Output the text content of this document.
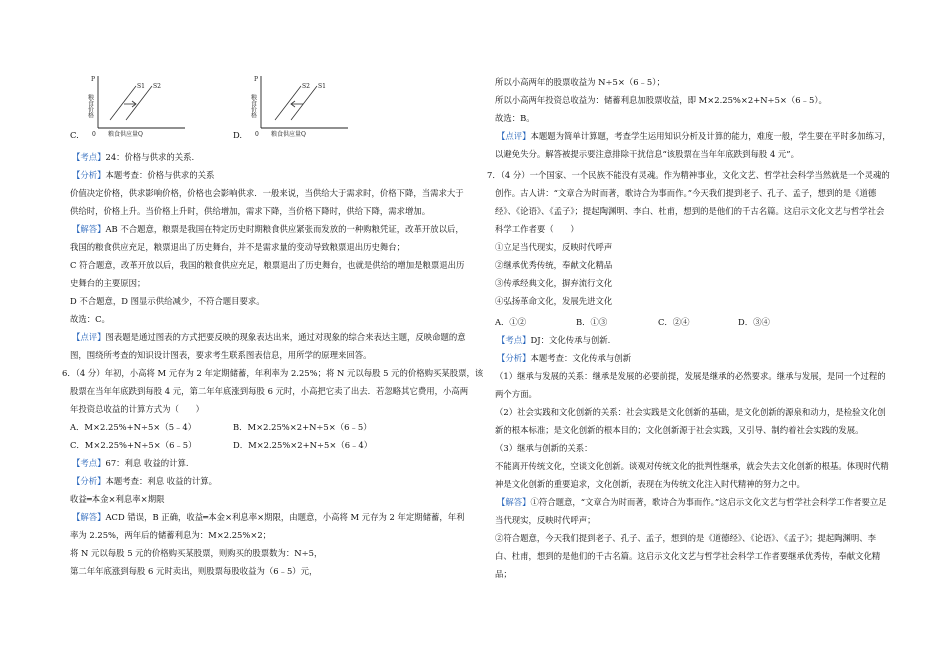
C.
P
0 粮食供应量Q
粮食价格
S1 S2
D.
P
0 粮食供应量Q
粮食价格
S2 S1
【考点】24：价格与供求的关系.
【分析】本题考查：价格与供求的关系
价值决定价格，供求影响价格，价格也会影响供求．一般来说，当供给大于需求时，价格下降，当需求大于
供给时，价格上升。当价格上升时，供给增加，需求下降，当价格下降时，供给下降，需求增加。
【解答】AB 不合题意，粮票是我国在特定历史时期粮食供应紧张而发放的一种购粮凭证，改革开放以后，
我国的粮食供应充足，粮票退出了历史舞台，并不是需求量的变动导致粮票退出历史舞台；
C 符合题意，改革开放以后，我国的粮食供应充足，粮票退出了历史舞台，也就是供给的增加是粮票退出历
史舞台的主要原因；
D 不合题意，D 图显示供给减少，不符合题目要求。
故选：C。
【点评】图表题是通过图表的方式把要反映的现象表达出来，通过对现象的综合来表达主题，反映命题的意
图，围绕所考查的知识设计图表，要求考生联系图表信息，用所学的原理来回答。
6．（4 分）年初，小高将 M 元存为 2 年定期储蓄，年利率为 2.25%；将 N 元以每股 5 元的价格购买某股票，该
股票在当年年底跌到每股 4 元，第二年年底涨到每股 6 元时，小高把它卖了出去．若忽略其它费用，小高两
年投资总收益的计算方式为（　　）
A．M×2.25%+N÷5×（5﹣4）	B．M×2.25%×2+N÷5×（6﹣5）
C．M×2.25%+N÷5×（6﹣5）	D．M×2.25%×2+N÷5×（6﹣4）
【考点】67：利息 收益的计算.
【分析】本题考查：利息 收益的计算。
收益═本金×利息率×期限
【解答】ACD 错误，B 正确，收益═本金×利息率×期限，由题意，小高将 M 元存为 2 年定期储蓄，年利
率为 2.25%，两年后的储蓄利息为：M×2.25%×2；
将 N 元以每股 5 元的价格购买某股票，则购买的股票数为：N÷5，
第二年年底涨到每股 6 元时卖出，则股票每股收益为（6﹣5）元，
所以小高两年的股票收益为 N÷5×（6﹣5）；
所以小高两年投资总收益为：储蓄利息加股票收益，即 M×2.25%×2+N÷5×（6﹣5）。
故选：B。
【点评】本题题为简单计算题，考查学生运用知识分析及计算的能力，难度一般，学生要在平时多加练习，
以避免失分。解答被提示要注意排除干扰信息“该股票在当年年底跌到每股 4 元”。
7．（4 分）一个国家、一个民族不能没有灵魂。作为精神事业，文化文艺、哲学社会科学当然就是一个灵魂的
创作。古人讲：“文章合为时而著，歌诗合为事而作。”今天我们提到老子、孔子、孟子，想到的是《道德
经》、《论语》、《孟子》；提起陶渊明、李白、杜甫，想到的是他们的千古名篇。这启示文化文艺与哲学社会
科学工作者要（　　）
①立足当代现实，反映时代呼声
②继承优秀传统，奉献文化精品
③传承经典文化，摒弃流行文化
④弘扬革命文化，发展先进文化
A．①②	B．①③	C．②④	D．③④
【考点】DJ：文化传承与创新.
【分析】本题考查：文化传承与创新
（1）继承与发展的关系：继承是发展的必要前提，发展是继承的必然要求。继承与发展，是同一个过程的
两个方面。
（2）社会实践和文化创新的关系：社会实践是文化创新的基础，是文化创新的源泉和动力，是检验文化创
新的根本标准；是文化创新的根本目的；文化创新源于社会实践，又引导、制约着社会实践的发展。
（3）继承与创新的关系：
不能离开传统文化，空谈文化创新。谈观对传统文化的批判性继承，就会失去文化创新的根基。体现时代精
神是文化创新的重要追求，文化创新，表现在为传统文化注入时代精神的努力之中。
【解答】①符合题意，“文章合为时而著，歌诗合为事而作。”这启示文化文艺与哲学社会科学工作者要立足
当代现实，反映时代呼声；
②符合题意，今天我们提到老子、孔子、孟子，想到的是《道德经》、《论语》、《孟子》；提起陶渊明、李
白、杜甫，想到的是他们的千古名篇。这启示文化文艺与哲学社会科学工作者要继承优秀传，奉献文化精
品；
